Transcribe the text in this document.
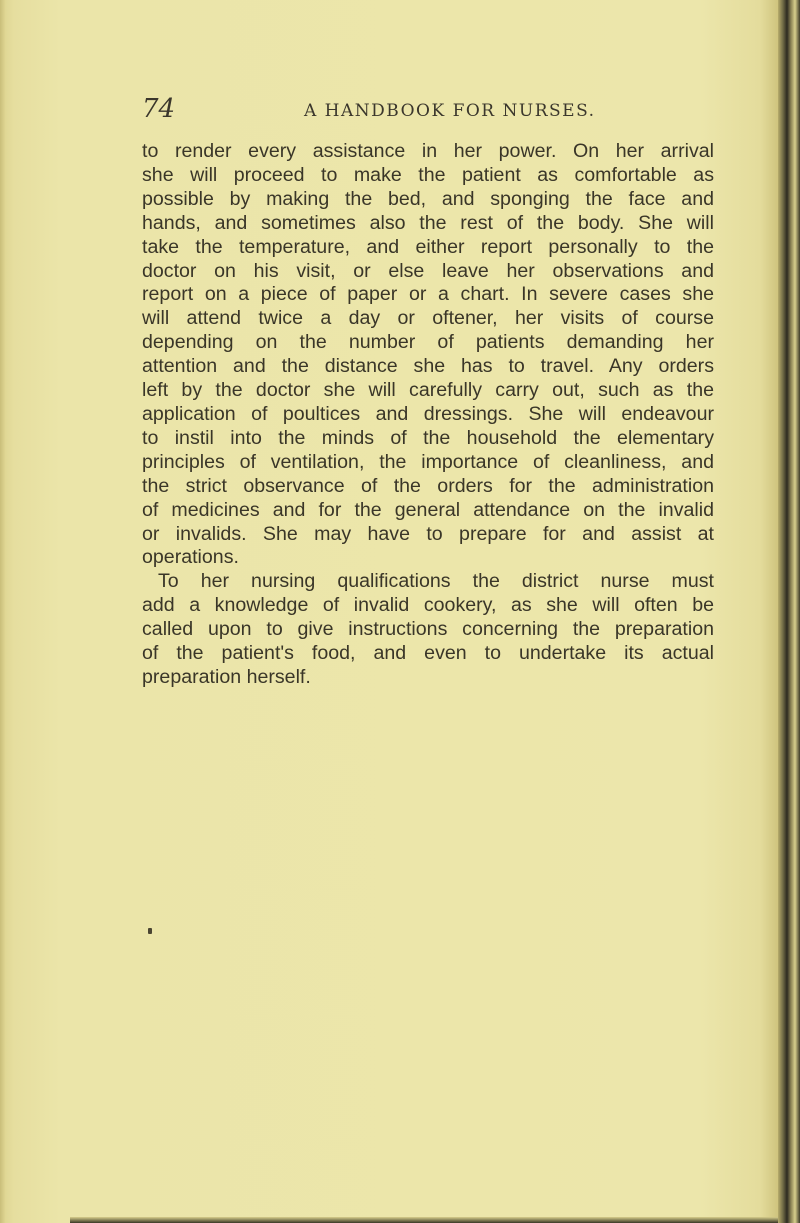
74	A HANDBOOK FOR NURSES.
to render every assistance in her power. On her arrival
she will proceed to make the patient as comfortable as
possible by making the bed, and sponging the face and
hands, and sometimes also the rest of the body. She will
take the temperature, and either report personally to the
doctor on his visit, or else leave her observations and
report on a piece of paper or a chart. In severe cases she
will attend twice a day or oftener, her visits of course
depending on the number of patients demanding her
attention and the distance she has to travel. Any orders
left by the doctor she will carefully carry out, such as the
application of poultices and dressings. She will endeavour
to instil into the minds of the household the elementary
principles of ventilation, the importance of cleanliness, and
the strict observance of the orders for the administration
of medicines and for the general attendance on the invalid
or invalids. She may have to prepare for and assist at
operations.
To her nursing qualifications the district nurse must
add a knowledge of invalid cookery, as she will often be
called upon to give instructions concerning the preparation
of the patient's food, and even to undertake its actual
preparation herself.
